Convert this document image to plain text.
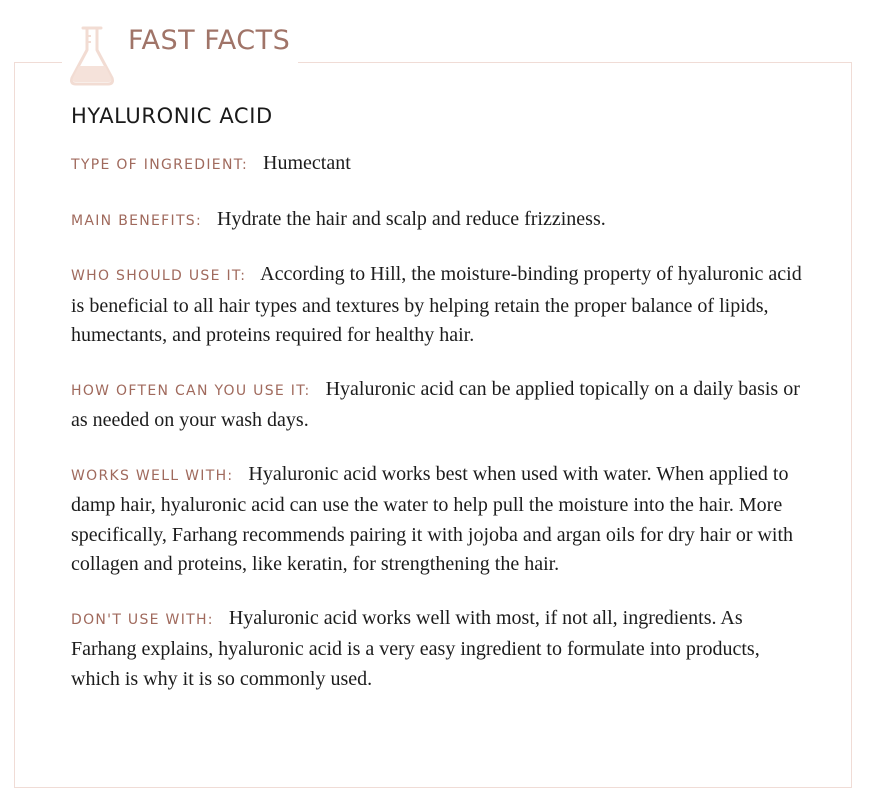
FAST FACTS
HYALURONIC ACID

TYPE OF INGREDIENT: Humectant

MAIN BENEFITS: Hydrate the hair and scalp and reduce frizziness.

WHO SHOULD USE IT: According to Hill, the moisture-binding property of hyaluronic acid is beneficial to all hair types and textures by helping retain the proper balance of lipids, humectants, and proteins required for healthy hair.

HOW OFTEN CAN YOU USE IT: Hyaluronic acid can be applied topically on a daily basis or as needed on your wash days.

WORKS WELL WITH: Hyaluronic acid works best when used with water. When applied to damp hair, hyaluronic acid can use the water to help pull the moisture into the hair. More specifically, Farhang recommends pairing it with jojoba and argan oils for dry hair or with collagen and proteins, like keratin, for strengthening the hair.

DON'T USE WITH: Hyaluronic acid works well with most, if not all, ingredients. As Farhang explains, hyaluronic acid is a very easy ingredient to formulate into products, which is why it is so commonly used.
